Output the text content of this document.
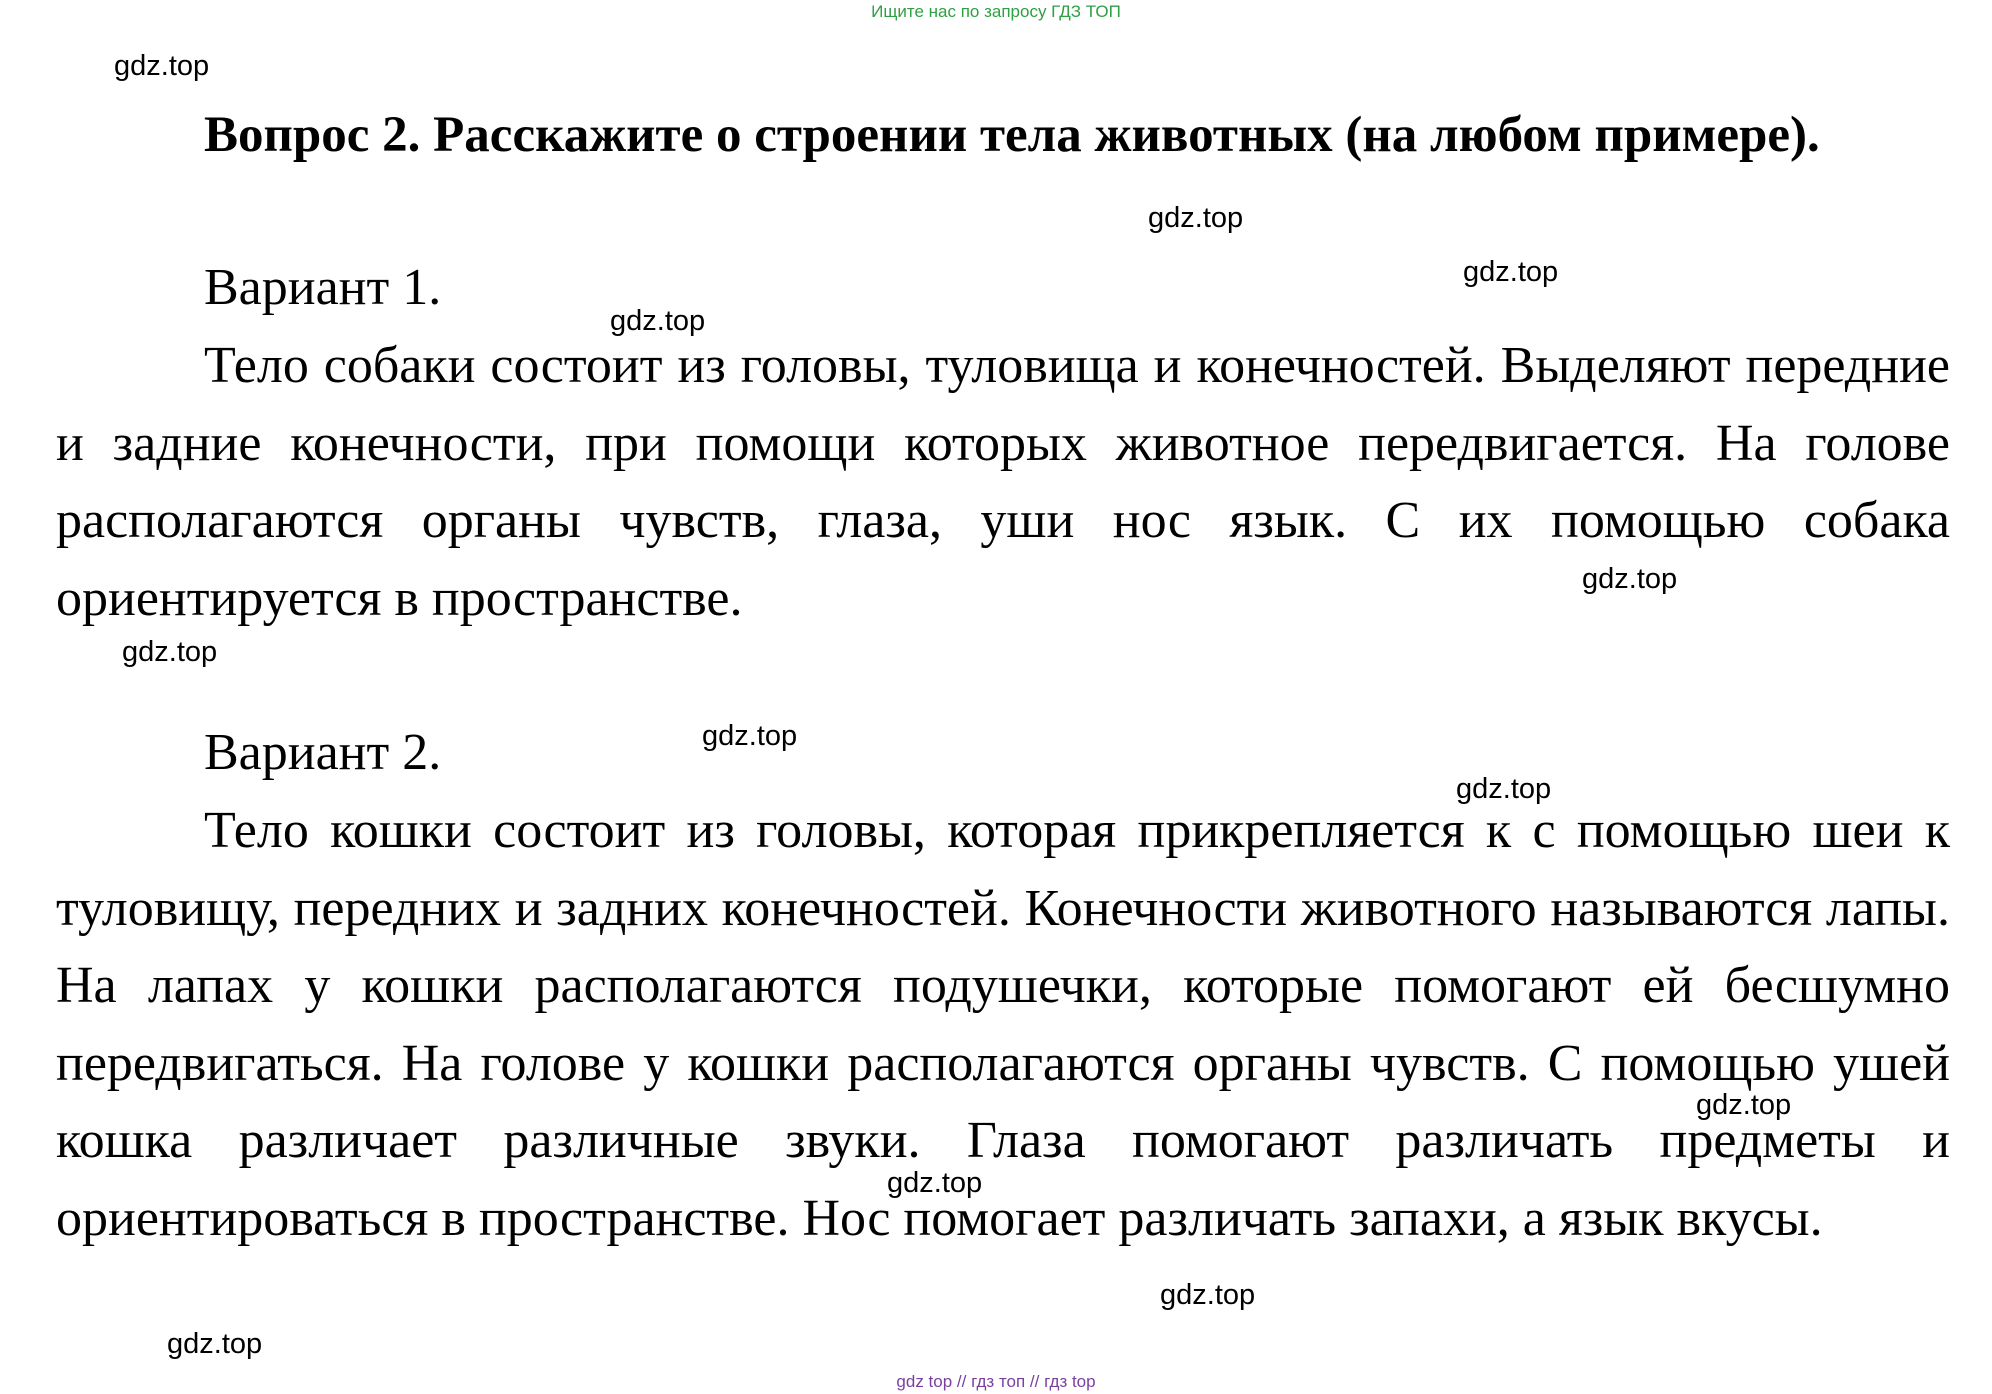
Ищите нас по запросу ГДЗ ТОП

Вопрос 2. Расскажите о строении тела животных (на любом примере).

Вариант 1.

Тело собаки состоит из головы, туловища и конечностей. Выделяют передние и задние конечности, при помощи которых животное передвигается. На голове располагаются органы чувств, глаза, уши нос язык. С их помощью собака ориентируется в пространстве.

Вариант 2.

Тело кошки состоит из головы, которая прикрепляется к с помощью шеи к туловищу, передних и задних конечностей. Конечности животного называются лапы. На лапах у кошки располагаются подушечки, которые помогают ей бесшумно передвигаться. На голове у кошки располагаются органы чувств. С помощью ушей кошка различает различные звуки. Глаза помогают различать предметы и ориентироваться в пространстве. Нос помогает различать запахи, а язык вкусы.

gdz.top
gdz.top
gdz.top
gdz.top
gdz.top
gdz.top
gdz.top
gdz.top
gdz.top
gdz.top
gdz.top
gdz.top
gdz top // гдз топ // гдз top
